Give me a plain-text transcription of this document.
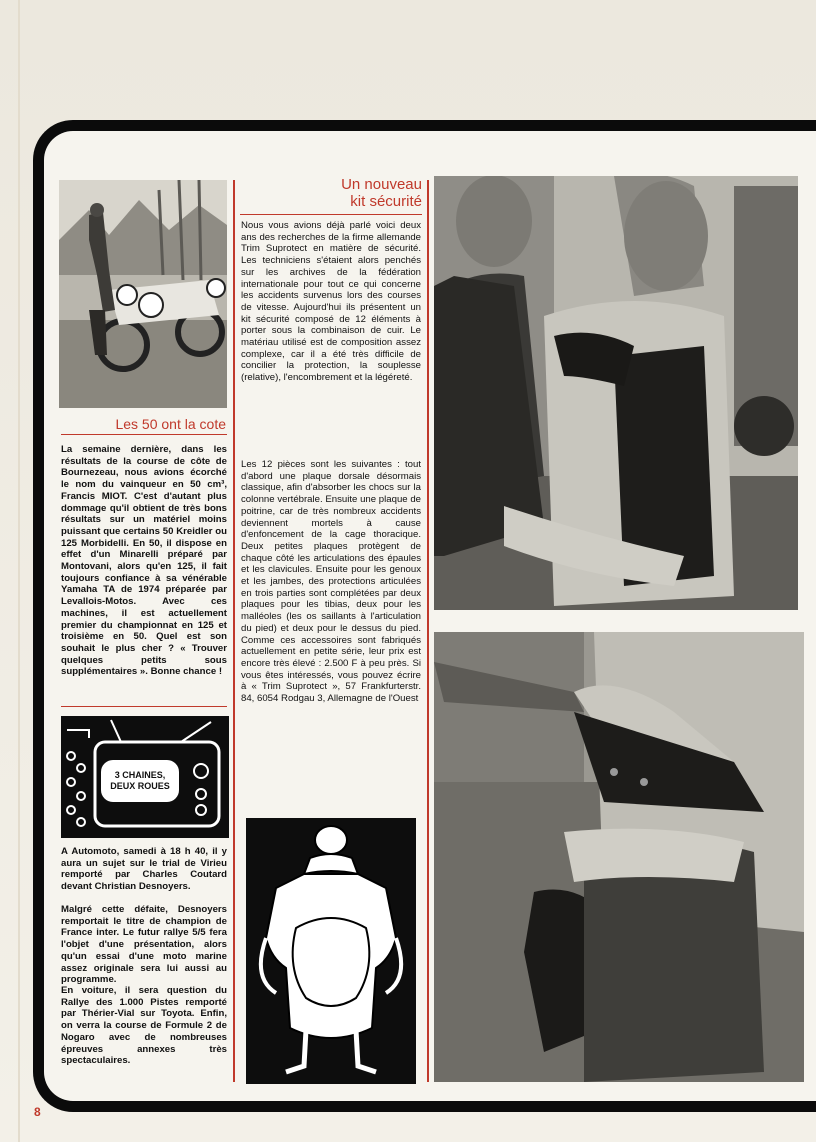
Les 50 ont la cote

La semaine dernière, dans les résultats de la course de côte de Bournezeau, nous avions écorché le nom du vainqueur en 50 cm³, Francis MIOT. C'est d'autant plus dommage qu'il obtient de très bons résultats sur un matériel moins puissant que certains 50 Kreidler ou 125 Morbidelli. En 50, il dispose en effet d'un Minarelli préparé par Montovani, alors qu'en 125, il fait toujours confiance à sa vénérable Yamaha TA de 1974 préparée par Levallois-Motos. Avec ces machines, il est actuellement premier du championnat en 125 et troisième en 50. Quel est son souhait le plus cher ? « Trouver quelques petits sous supplémentaires ». Bonne chance !

3 CHAINES,
DEUX ROUES

A Automoto, samedi à 18 h 40, il y aura un sujet sur le trial de Virieu remporté par Charles Coutard devant Christian Desnoyers.

Malgré cette défaite, Desnoyers remportait le titre de champion de France inter. Le futur rallye 5/5 fera l'objet d'une présentation, alors qu'un essai d'une moto marine assez originale sera lui aussi au programme.

En voiture, il sera question du Rallye des 1.000 Pistes remporté par Thérier-Vial sur Toyota. Enfin, on verra la course de Formule 2 de Nogaro avec de nombreuses épreuves annexes très spectaculaires.

Un nouveau
kit sécurité

Nous vous avions déjà parlé voici deux ans des recherches de la firme allemande Trim Suprotect en matière de sécurité. Les techniciens s'étaient alors penchés sur les archives de la fédération internationale pour tout ce qui concerne les accidents survenus lors des courses de vitesse. Aujourd'hui ils présentent un kit sécurité composé de 12 éléments à porter sous la combinaison de cuir. Le matériau utilisé est de composition assez complexe, car il a été très difficile de concilier la protection, la souplesse (relative), l'encombrement et la légéreté.

Les 12 pièces sont les suivantes : tout d'abord une plaque dorsale désormais classique, afin d'absorber les chocs sur la colonne vertébrale. Ensuite une plaque de poitrine, car de très nombreux accidents deviennent mortels à cause d'enfoncement de la cage thoracique. Deux petites plaques protègent de chaque côté les articulations des épaules et les clavicules. Ensuite pour les genoux et les jambes, des protections articulées en trois parties sont complétées par deux plaques pour les tibias, deux pour les malléoles (les os saillants à l'articulation du pied) et deux pour le dessus du pied. Comme ces accessoires sont fabriqués actuellement en petite série, leur prix est encore très élevé : 2.500 F à peu près. Si vous êtes intéressés, vous pouvez écrire à « Trim Suprotect », 57 Frankfurterstr. 84, 6054 Rodgau 3, Allemagne de l'Ouest

8
